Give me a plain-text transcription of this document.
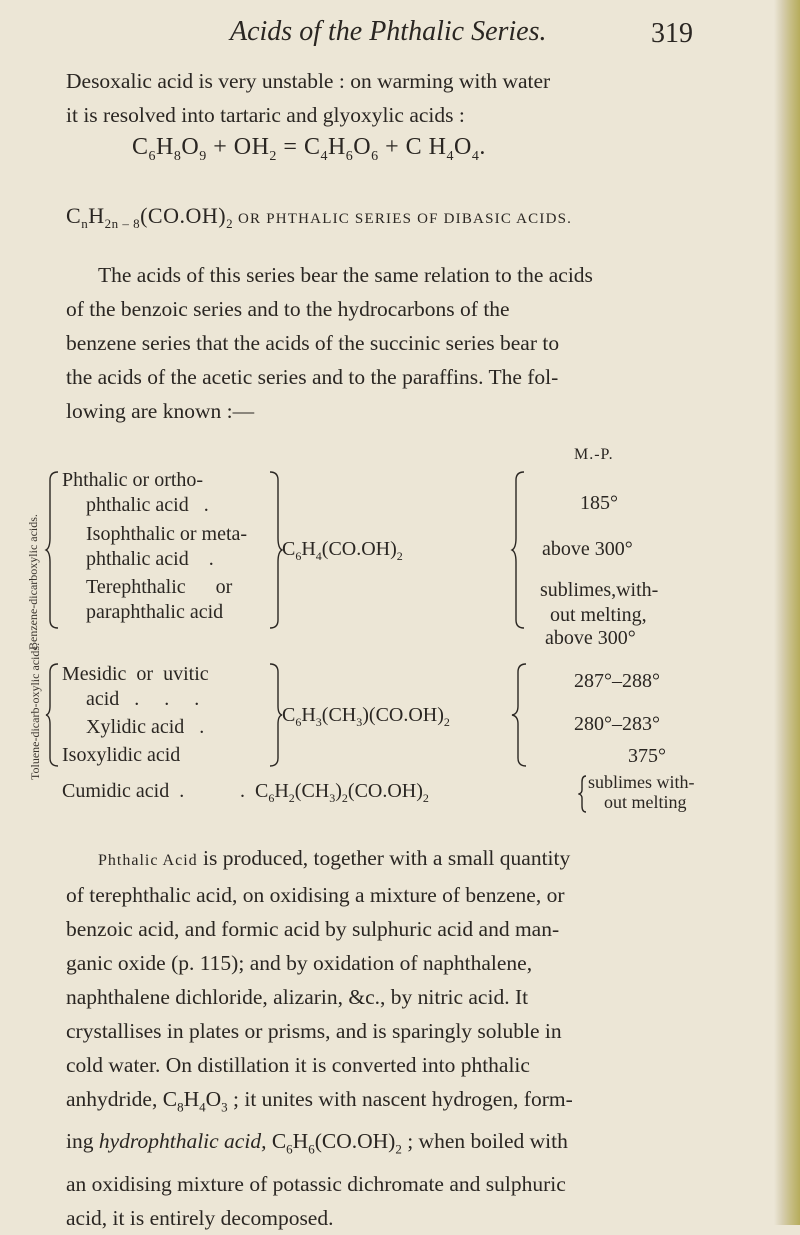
Acids of the Phthalic Series.	319
Desoxalic acid is very unstable : on warming with water
it is resolved into tartaric and glyoxylic acids :
$C_6H_8O_9 + OH_2 = C_4H_6O_6 + C$ $H_4O_4$.
$C_nH_{2n - 8}(CO.OH)_2$ OR PHTHALIC SERIES OF DIBASIC ACIDS.
The acids of this series bear the same relation to the acids
of the benzoic series and to the hydrocarbons of the
benzene series that the acids of the succinic series bear to
the acids of the acetic series and to the paraffins. The fol-
lowing are known :—
M.-P.
Benzene-dicarboxylic acids.
Phthalic or ortho-
phthalic acid   .
Isophthalic or meta-
phthalic acid    .
Terephthalic      or
paraphthalic acid
$C_6H_4(CO.OH)_2$
185°
above 300°
sublimes,with-
out melting,
above 300°
Toluene-dicarb-oxylic acids. Mesidic  or  uvitic
acid   .     .     .
Xylidic acid   .
Isoxylidic acid
$C_6H_3(CH_3)(CO.OH)_2$
287°–288°
280°–283°
375°
Cumidic acid  .	.  $C_6H_2(CH_3)_2(CO.OH)_2$
sublimes with-
out melting
Phthalic Acid is produced, together with a small quantity
of terephthalic acid, on oxidising a mixture of benzene, or
benzoic acid, and formic acid by sulphuric acid and man-
ganic oxide (p. 115); and by oxidation of naphthalene,
naphthalene dichloride, alizarin, &c., by nitric acid. It
crystallises in plates or prisms, and is sparingly soluble in
cold water. On distillation it is converted into phthalic
anhydride, $C_8H_4O_3$ ; it unites with nascent hydrogen, form-
ing hydrophthalic acid, $C_6H_6(CO.OH)_2$ ; when boiled with
an oxidising mixture of potassic dichromate and sulphuric
acid, it is entirely decomposed.
